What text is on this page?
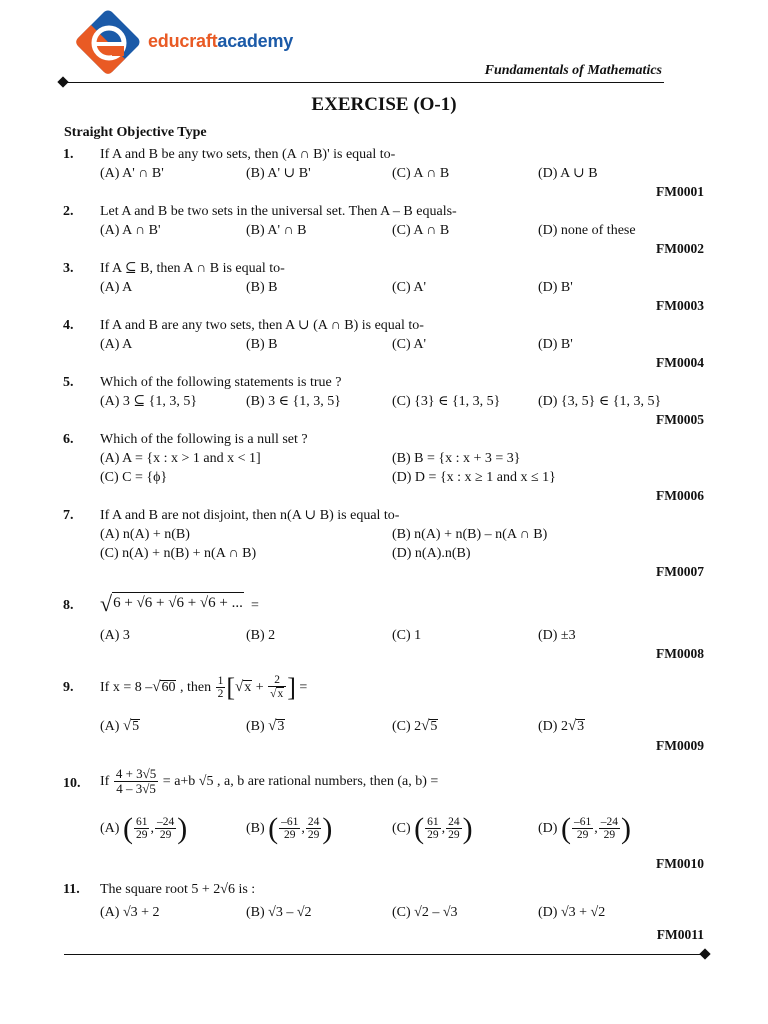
educraftacademy
Fundamentals of Mathematics
EXERCISE (O-1)
Straight Objective Type
1. If A and B be any two sets, then (A ∩ B)' is equal to-
(A) A' ∩ B'	(B) A' ∪ B'	(C) A ∩ B	(D) A ∪ B
FM0001
2. Let A and B be two sets in the universal set. Then A – B equals-
(A) A ∩ B'	(B) A' ∩ B	(C) A ∩ B	(D) none of these
FM0002
3. If A ⊆ B, then A ∩ B is equal to-
(A) A	(B) B	(C) A'	(D) B'
FM0003
4. If A and B are any two sets, then A ∪ (A ∩ B) is equal to-
(A) A	(B) B	(C) A'	(D) B'
FM0004
5. Which of the following statements is true ?
(A) 3 ⊆ {1, 3, 5}	(B) 3 ∈ {1, 3, 5}	(C) {3} ∈ {1, 3, 5}	(D) {3, 5} ∈ {1, 3, 5}
FM0005
6. Which of the following is a null set ?
(A) A = {x : x > 1 and x < 1]	(B) B = {x : x + 3 = 3}
(C) C = {ϕ}	(D) D = {x : x ≥ 1 and x ≤ 1}
FM0006
7. If A and B are not disjoint, then n(A ∪ B) is equal to-
(A) n(A) + n(B)	(B) n(A) + n(B) – n(A ∩ B)
(C) n(A) + n(B) + n(A ∩ B)	(D) n(A).n(B)
FM0007
8. √6 + √6 + √6 + √6 + ... =
(A) 3	(B) 2	(C) 1	(D) ±3
FM0008
9. If x = 8 –√60 , then $\frac{1}{2} [√x + \frac{2}{√x}$ ] =
(A) √5	(B) √3	(C) 2√5	(D) 2√3
FM0009
10. If $\frac{4 + 3√5}{4 - 3√5} = a+b$ √5 , a, b are rational numbers, then (a, b) =
(A) ( $\frac{61}{29}$ , $\frac{-24}{29}$ )	(B) ( $\frac{-61}{29}$ , $\frac{24}{29}$ )	(C) ( $\frac{61}{29}$ , $\frac{24}{29}$ )	(D) ( $\frac{-61}{29}$ , $\frac{-24}{29}$ )
FM0010
11. The square root 5 + 2√6 is :
(A) √3 + 2	(B) √3 – √2	(C) √2 – √3	(D) √3 + √2
FM0011
